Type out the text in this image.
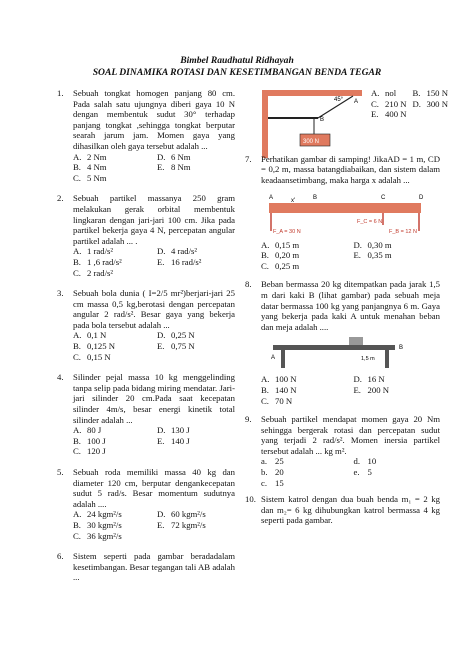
Bimbel Raudhatul Ridhayah
SOAL DINAMIKA ROTASI DAN KESETIMBANGAN BENDA TEGAR
1. Sebuah tongkat homogen panjang 80 cm. Pada salah satu ujungnya diberi gaya 10 N dengan membentuk sudut 30° terhadap panjang tongkat ,sehingga tongkat berputar searah jarum jam. Momen gaya yang dihasilkan oleh gaya tersebut adalah ...
A. 2 Nm	D. 6 Nm
B. 4 Nm	E. 8 Nm
C. 5 Nm
2. Sebuah partikel massanya 250 gram melakukan gerak orbital membentuk lingkaran dengan jari-jari 100 cm. Jika pada partikel bekerja gaya 4 N, percepatan angular partikel adalah ... .
A. 1 rad/s²	D. 4 rad/s²
B. 1 ,6 rad/s²	E. 16 rad/s²
C. 2 rad/s²
3. Sebuah bola dunia ( I=2/5 mr²)berjari-jari 25 cm massa 0,5 kg,berotasi dengan percepatan angular 2 rad/s². Besar gaya yang bekerja pada bola tersebut adalah ...
A. 0,1 N	D. 0,25 N
B. 0,125 N	E. 0,75 N
C. 0,15 N
4. Silinder pejal massa 10 kg menggelinding tanpa selip pada bidang miring mendatar. Jari-jari silinder 20 cm.Pada saat kecepatan silinder 4m/s, besar energi kinetik total silinder adalah ...
A. 80 J	D. 130 J
B. 100 J	E. 140 J
C. 120 J
5. Sebuah roda memiliki massa 40 kg dan diameter 120 cm, berputar dengankecepatan sudut 5 rad/s. Besar momentum sudutnya adalah ....
A. 24 kgm²/s	D. 60 kgm²/s
B. 30 kgm²/s	E. 72 kgm²/s
C. 36 kgm²/s
6. Sistem seperti pada gambar beradadalam kesetimbangan. Besar tegangan tali AB adalah ...
45°
300 N
B
A
A. nol	B. 150 N
C. 210 N D. 300 N
E. 400 N
7. Perhatikan gambar di samping! JikaAD = 1 m, CD = 0,2 m, massa batangdiabaikan, dan sistem dalam keadaansetimbang, maka harga x adalah ...
A	B	C	D
x'
F_A = 30 N
F_C = 6 N
F_B = 12 N
A. 0,15 m	D. 0,30 m
B. 0,20 m	E. 0,35 m
C. 0,25 m
8. Beban bermassa 20 kg ditempatkan pada jarak 1,5 m dari kaki B (lihat gambar) pada sebuah meja datar bermassa 100 kg yang panjangnya 6 m. Gaya yang bekerja pada kaki A untuk menahan beban dan meja adalah ....
A
B
1,5 m
A. 100 N	D. 16 N
B. 140 N	E. 200 N
C. 70 N
9. Sebuah partikel mendapat momen gaya 20 Nm sehingga bergerak rotasi dan percepatan sudut yang terjadi 2 rad/s². Momen inersia partikel tersebut adalah ... kg m².
a. 25	d. 10
b. 20	e. 5
c. 15
10. Sistem katrol dengan dua buah benda m₁ = 2 kg dan m₂= 6 kg dihubungkan katrol bermassa 4 kg seperti pada gambar.
